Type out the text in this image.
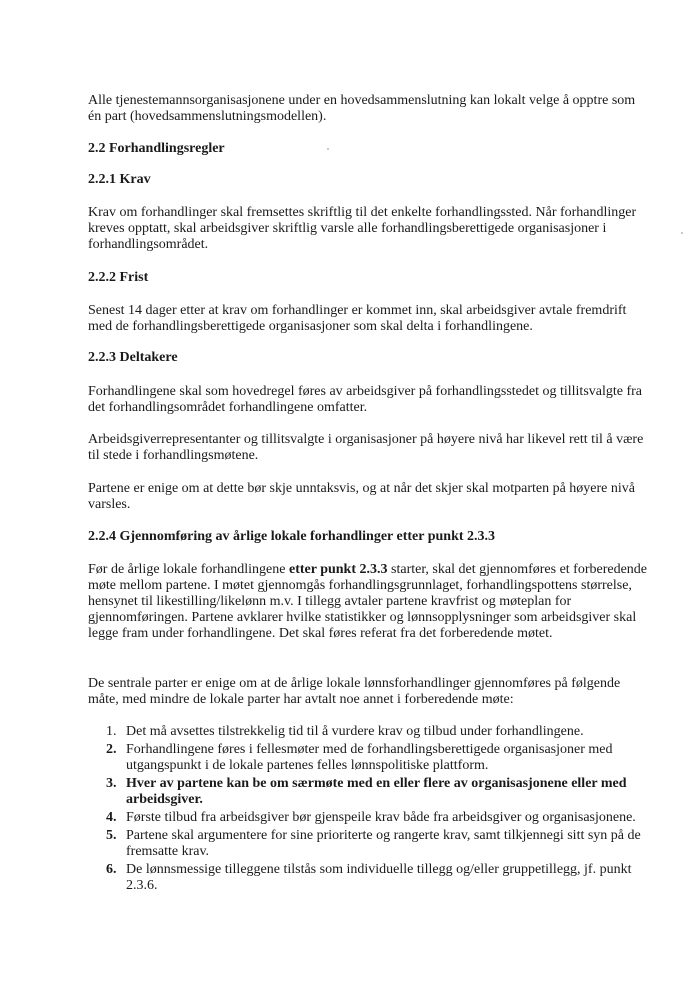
Alle tjenestemannsorganisasjonene under en hovedsammenslutning kan lokalt velge å opptre som én part (hovedsammenslutningsmodellen).

2.2 Forhandlingsregler
2.2.1 Krav

Krav om forhandlinger skal fremsettes skriftlig til det enkelte forhandlingssted. Når forhandlinger kreves opptatt, skal arbeidsgiver skriftlig varsle alle forhandlingsberettigede organisasjoner i forhandlingsområdet.

2.2.2 Frist

Senest 14 dager etter at krav om forhandlinger er kommet inn, skal arbeidsgiver avtale fremdrift med de forhandlingsberettigede organisasjoner som skal delta i forhandlingene.

2.2.3 Deltakere

Forhandlingene skal som hovedregel føres av arbeidsgiver på forhandlingsstedet og tillitsvalgte fra det forhandlingsområdet forhandlingene omfatter.

Arbeidsgiverrepresentanter og tillitsvalgte i organisasjoner på høyere nivå har likevel rett til å være til stede i forhandlingsmøtene.

Partene er enige om at dette bør skje unntaksvis, og at når det skjer skal motparten på høyere nivå varsles.

2.2.4 Gjennomføring av årlige lokale forhandlinger etter punkt 2.3.3

Før de årlige lokale forhandlingene etter punkt 2.3.3 starter, skal det gjennomføres et forberedende møte mellom partene. I møtet gjennomgås forhandlingsgrunnlaget, forhandlingspottens størrelse, hensynet til likestilling/likelønn m.v. I tillegg avtaler partene kravfrist og møteplan for gjennomføringen. Partene avklarer hvilke statistikker og lønnsopplysninger som arbeidsgiver skal legge fram under forhandlingene. Det skal føres referat fra det forberedende møtet.

De sentrale parter er enige om at de årlige lokale lønnsforhandlinger gjennomføres på følgende måte, med mindre de lokale parter har avtalt noe annet i forberedende møte:

1. Det må avsettes tilstrekkelig tid til å vurdere krav og tilbud under forhandlingene.
2. Forhandlingene føres i fellesmøter med de forhandlingsberettigede organisasjoner med utgangspunkt i de lokale partenes felles lønnspolitiske plattform.
3. Hver av partene kan be om særmøte med en eller flere av organisasjonene eller med arbeidsgiver.
4. Første tilbud fra arbeidsgiver bør gjenspeile krav både fra arbeidsgiver og organisasjonene.
5. Partene skal argumentere for sine prioriterte og rangerte krav, samt tilkjennegi sitt syn på de fremsatte krav.
6. De lønnsmessige tilleggene tilstås som individuelle tillegg og/eller gruppetillegg, jf. punkt 2.3.6.
